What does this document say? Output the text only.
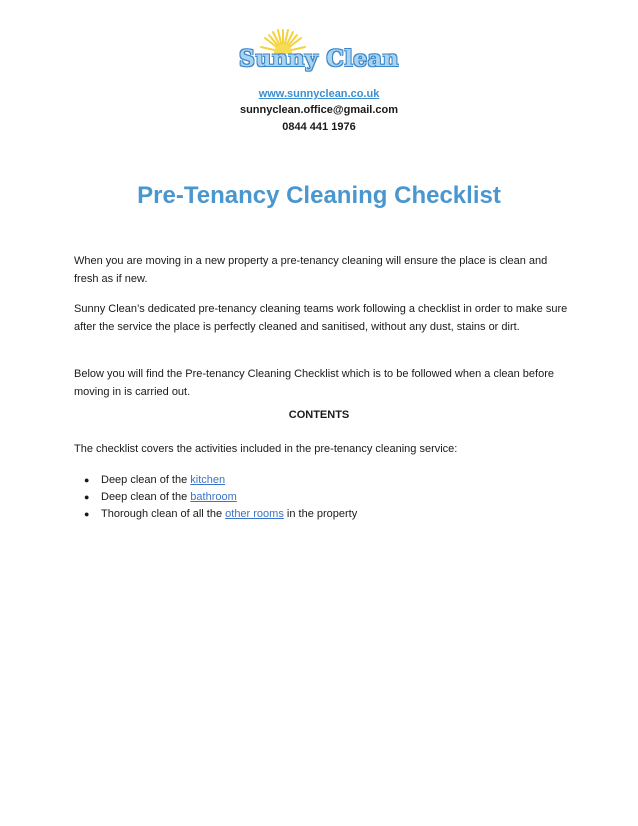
Sunny Clean
www.sunnyclean.co.uk
sunnyclean.office@gmail.com
0844 441 1976
Pre-Tenancy Cleaning Checklist
When you are moving in a new property a pre-tenancy cleaning will ensure the place is clean and fresh as if new.
Sunny Clean’s dedicated pre-tenancy cleaning teams work following a checklist in order to make sure after the service the place is perfectly cleaned and sanitised, without any dust, stains or dirt.
Below you will find the Pre-tenancy Cleaning Checklist which is to be followed when a clean before moving in is carried out.
CONTENTS
The checklist covers the activities included in the pre-tenancy cleaning service:
● Deep clean of the kitchen
● Deep clean of the bathroom
● Thorough clean of all the other rooms in the property
